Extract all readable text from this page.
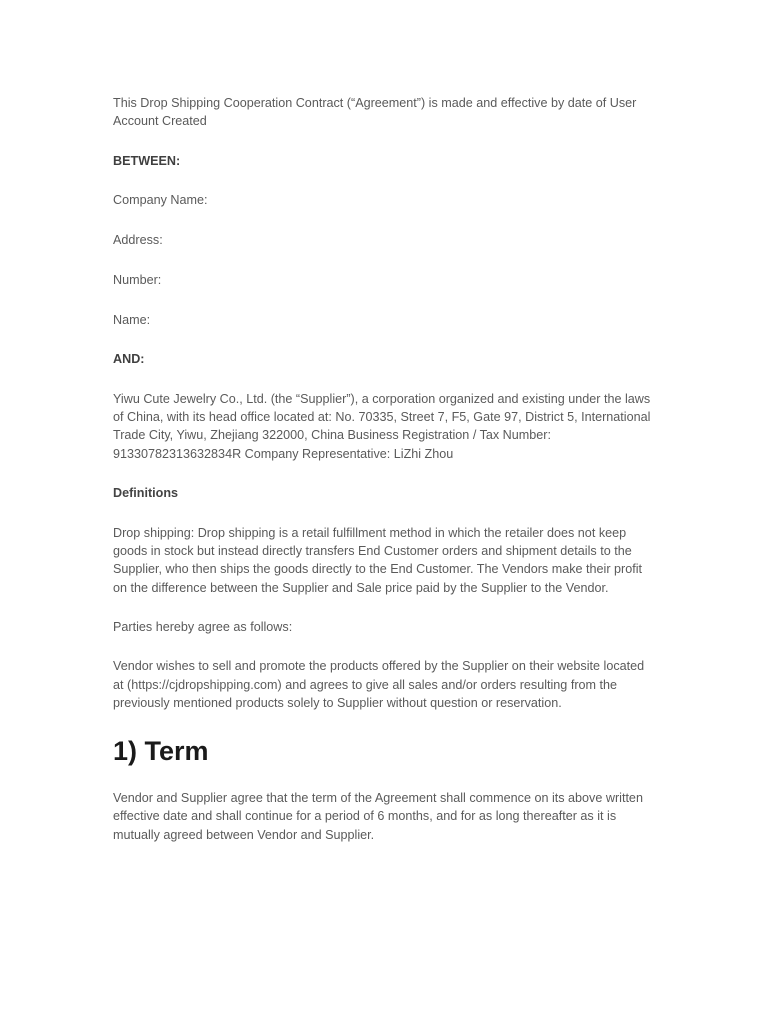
This Drop Shipping Cooperation Contract (“Agreement”) is made and effective by date of User Account Created

BETWEEN:

Company Name:

Address:

Number:

Name:

AND:

Yiwu Cute Jewelry Co., Ltd. (the “Supplier”), a corporation organized and existing under the laws of China, with its head office located at: No. 70335, Street 7, F5, Gate 97, District 5, International Trade City, Yiwu, Zhejiang 322000, China Business Registration / Tax Number: 91330782313632834R Company Representative: LiZhi Zhou

Definitions

Drop shipping: Drop shipping is a retail fulfillment method in which the retailer does not keep goods in stock but instead directly transfers End Customer orders and shipment details to the Supplier, who then ships the goods directly to the End Customer. The Vendors make their profit on the difference between the Supplier and Sale price paid by the Supplier to the Vendor.

Parties hereby agree as follows:

Vendor wishes to sell and promote the products offered by the Supplier on their website located at (https://cjdropshipping.com) and agrees to give all sales and/or orders resulting from the previously mentioned products solely to Supplier without question or reservation.

1) Term

Vendor and Supplier agree that the term of the Agreement shall commence on its above written effective date and shall continue for a period of 6 months, and for as long thereafter as it is mutually agreed between Vendor and Supplier.
